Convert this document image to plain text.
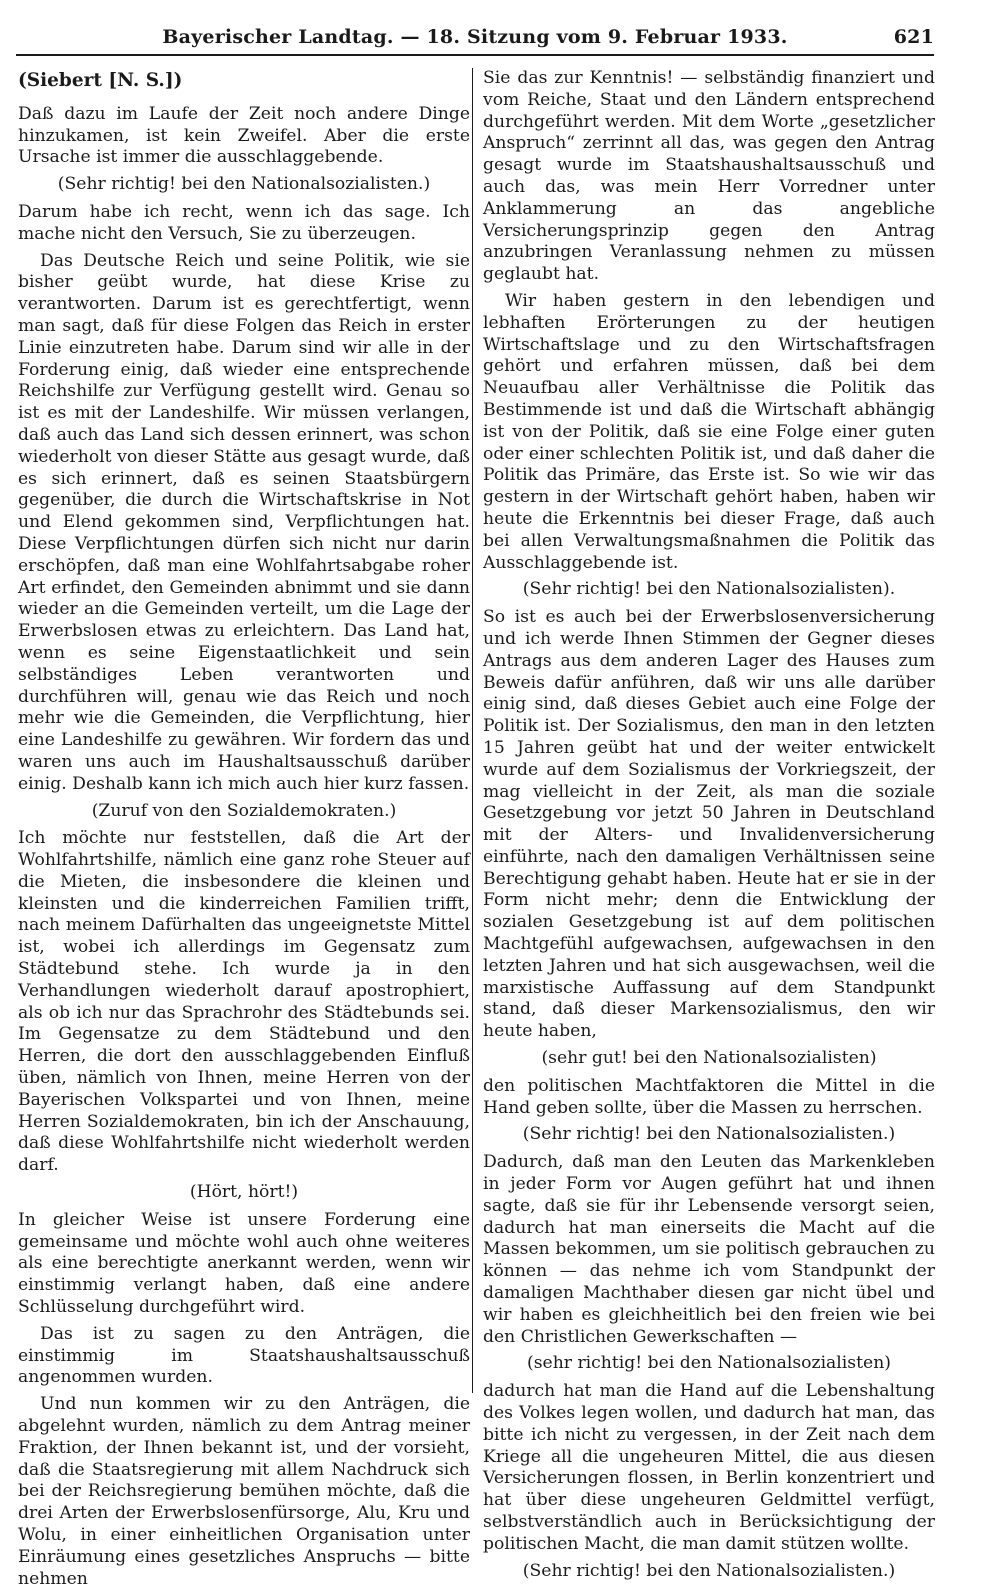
Bayerischer Landtag. — 18. Sitzung vom 9. Februar 1933.	621
(Siebert [N. S.])
Daß dazu im Laufe der Zeit noch andere Dinge hinzukamen, ist kein Zweifel. Aber die erste Ursache ist immer die ausschlaggebende.
(Sehr richtig! bei den Nationalsozialisten.)
Darum habe ich recht, wenn ich das sage. Ich mache nicht den Versuch, Sie zu überzeugen.
Das Deutsche Reich und seine Politik, wie sie bisher geübt wurde, hat diese Krise zu verantworten. Darum ist es gerechtfertigt, wenn man sagt, daß für diese Folgen das Reich in erster Linie einzutreten habe. Darum sind wir alle in der Forderung einig, daß wieder eine entsprechende Reichshilfe zur Verfügung gestellt wird. Genau so ist es mit der Landeshilfe. Wir müssen verlangen, daß auch das Land sich dessen erinnert, was schon wiederholt von dieser Stätte aus gesagt wurde, daß es sich erinnert, daß es seinen Staatsbürgern gegenüber, die durch die Wirtschaftskrise in Not und Elend gekommen sind, Verpflichtungen hat. Diese Verpflichtungen dürfen sich nicht nur darin erschöpfen, daß man eine Wohlfahrtsabgabe roher Art erfindet, den Gemeinden abnimmt und sie dann wieder an die Gemeinden verteilt, um die Lage der Erwerbslosen etwas zu erleichtern. Das Land hat, wenn es seine Eigenstaatlichkeit und sein selbständiges Leben verantworten und durchführen will, genau wie das Reich und noch mehr wie die Gemeinden, die Verpflichtung, hier eine Landeshilfe zu gewähren. Wir fordern das und waren uns auch im Haushaltsausschuß darüber einig. Deshalb kann ich mich auch hier kurz fassen.
(Zuruf von den Sozialdemokraten.)
Ich möchte nur feststellen, daß die Art der Wohlfahrtshilfe, nämlich eine ganz rohe Steuer auf die Mieten, die insbesondere die kleinen und kleinsten und die kinderreichen Familien trifft, nach meinem Dafürhalten das ungeeignetste Mittel ist, wobei ich allerdings im Gegensatz zum Städtebund stehe. Ich wurde ja in den Verhandlungen wiederholt darauf apostrophiert, als ob ich nur das Sprachrohr des Städtebunds sei. Im Gegensatze zu dem Städtebund und den Herren, die dort den ausschlaggebenden Einfluß üben, nämlich von Ihnen, meine Herren von der Bayerischen Volkspartei und von Ihnen, meine Herren Sozialdemokraten, bin ich der Anschauung, daß diese Wohlfahrtshilfe nicht wiederholt werden darf.
(Hört, hört!)
In gleicher Weise ist unsere Forderung eine gemeinsame und möchte wohl auch ohne weiteres als eine berechtigte anerkannt werden, wenn wir einstimmig verlangt haben, daß eine andere Schlüsselung durchgeführt wird.
Das ist zu sagen zu den Anträgen, die einstimmig im Staatshaushaltsausschuß angenommen wurden.
Und nun kommen wir zu den Anträgen, die abgelehnt wurden, nämlich zu dem Antrag meiner Fraktion, der Ihnen bekannt ist, und der vorsieht, daß die Staatsregierung mit allem Nachdruck sich bei der Reichsregierung bemühen möchte, daß die drei Arten der Erwerbslosenfürsorge, Alu, Kru und Wolu, in einer einheitlichen Organisation unter Einräumung eines gesetzliches Anspruchs — bitte nehmen
Sie das zur Kenntnis! — selbständig finanziert und vom Reiche, Staat und den Ländern entsprechend durchgeführt werden. Mit dem Worte „gesetzlicher Anspruch“ zerrinnt all das, was gegen den Antrag gesagt wurde im Staatshaushaltsausschuß und auch das, was mein Herr Vorredner unter Anklammerung an das angebliche Versicherungsprinzip gegen den Antrag anzubringen Veranlassung nehmen zu müssen geglaubt hat.
Wir haben gestern in den lebendigen und lebhaften Erörterungen zu der heutigen Wirtschaftslage und zu den Wirtschaftsfragen gehört und erfahren müssen, daß bei dem Neuaufbau aller Verhältnisse die Politik das Bestimmende ist und daß die Wirtschaft abhängig ist von der Politik, daß sie eine Folge einer guten oder einer schlechten Politik ist, und daß daher die Politik das Primäre, das Erste ist. So wie wir das gestern in der Wirtschaft gehört haben, haben wir heute die Erkenntnis bei dieser Frage, daß auch bei allen Verwaltungsmaßnahmen die Politik das Ausschlaggebende ist.
(Sehr richtig! bei den Nationalsozialisten).
So ist es auch bei der Erwerbslosenversicherung und ich werde Ihnen Stimmen der Gegner dieses Antrags aus dem anderen Lager des Hauses zum Beweis dafür anführen, daß wir uns alle darüber einig sind, daß dieses Gebiet auch eine Folge der Politik ist. Der Sozialismus, den man in den letzten 15 Jahren geübt hat und der weiter entwickelt wurde auf dem Sozialismus der Vorkriegszeit, der mag vielleicht in der Zeit, als man die soziale Gesetzgebung vor jetzt 50 Jahren in Deutschland mit der Alters- und Invalidenversicherung einführte, nach den damaligen Verhältnissen seine Berechtigung gehabt haben. Heute hat er sie in der Form nicht mehr; denn die Entwicklung der sozialen Gesetzgebung ist auf dem politischen Machtgefühl aufgewachsen, aufgewachsen in den letzten Jahren und hat sich ausgewachsen, weil die marxistische Auffassung auf dem Standpunkt stand, daß dieser Markensozialismus, den wir heute haben,
(sehr gut! bei den Nationalsozialisten)
den politischen Machtfaktoren die Mittel in die Hand geben sollte, über die Massen zu herrschen.
(Sehr richtig! bei den Nationalsozialisten.)
Dadurch, daß man den Leuten das Markenkleben in jeder Form vor Augen geführt hat und ihnen sagte, daß sie für ihr Lebensende versorgt seien, dadurch hat man einerseits die Macht auf die Massen bekommen, um sie politisch gebrauchen zu können — das nehme ich vom Standpunkt der damaligen Machthaber diesen gar nicht übel und wir haben es gleichheitlich bei den freien wie bei den Christlichen Gewerkschaften —
(sehr richtig! bei den Nationalsozialisten)
dadurch hat man die Hand auf die Lebenshaltung des Volkes legen wollen, und dadurch hat man, das bitte ich nicht zu vergessen, in der Zeit nach dem Kriege all die ungeheuren Mittel, die aus diesen Versicherungen flossen, in Berlin konzentriert und hat über diese ungeheuren Geldmittel verfügt, selbstverständlich auch in Berücksichtigung der politischen Macht, die man damit stützen wollte.
(Sehr richtig! bei den Nationalsozialisten.)
